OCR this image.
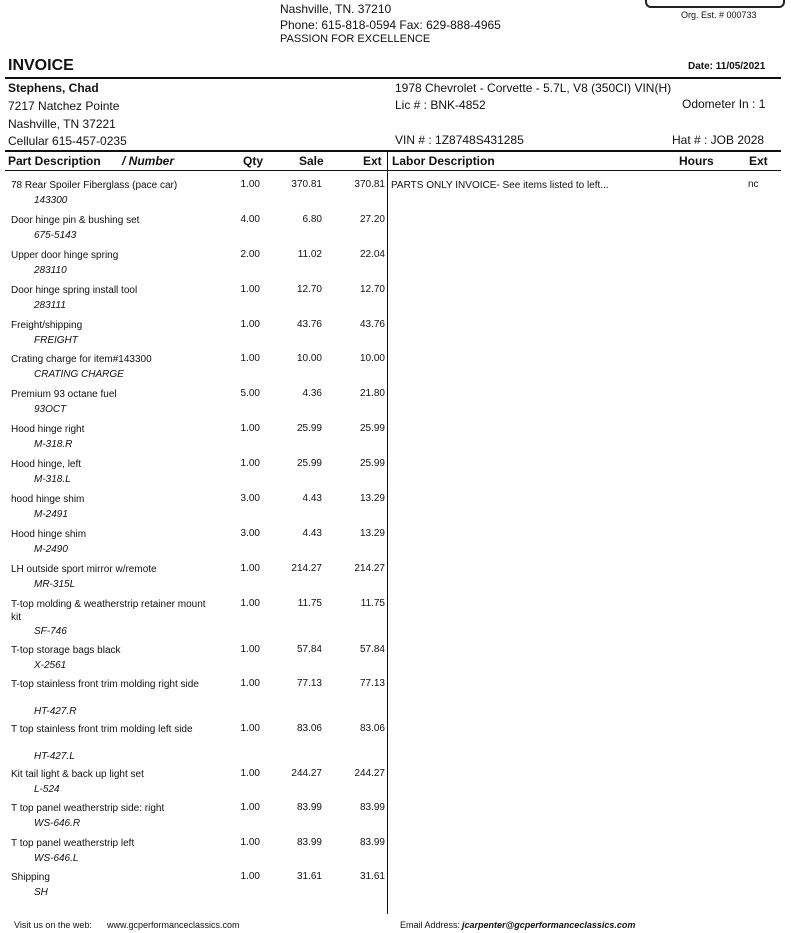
Nashville, TN. 37210
Phone: 615-818-0594 Fax: 629-888-4965
PASSION FOR EXCELLENCE
Org. Est. # 000733
INVOICE	Date: 11/05/2021
Stephens, Chad
7217 Natchez Pointe
Nashville, TN 37221
Cellular 615-457-0235
1978 Chevrolet - Corvette - 5.7L, V8 (350CI) VIN(H)
Lic # : BNK-4852	Odometer In : 1
VIN # : 1Z8748S431285	Hat # : JOB 2028
Part Description / Number	Qty	Sale	Ext Labor Description	Hours	Ext
78 Rear Spoiler Fiberglass (pace car)
143300
1.00	370.81	370.81
Door hinge pin & bushing set
675-5143
4.00	6.80	27.20
Upper door hinge spring
283110
2.00	11.02	22.04
Door hinge spring install tool
283111
1.00	12.70	12.70
Freight/shipping
FREIGHT
1.00	43.76	43.76
Crating charge for item#143300
CRATING CHARGE
1.00	10.00	10.00
Premium 93 octane fuel
93OCT
5.00	4.36	21.80
Hood hinge right
M-318.R
1.00	25.99	25.99
Hood hinge, left
M-318.L
1.00	25.99	25.99
hood hinge shim
M-2491
3.00	4.43	13.29
Hood hinge shim
M-2490
3.00	4.43	13.29
LH outside sport mirror w/remote
MR-315L
1.00	214.27	214.27
T-top molding & weatherstrip retainer mount kit
SF-746
1.00	11.75	11.75
T-top storage bags black
X-2561
1.00	57.84	57.84
T-top stainless front trim molding right side
HT-427.R
1.00	77.13	77.13
T top stainless front trim molding left side
HT-427.L
1.00	83.06	83.06
Kit tail light & back up light set
L-524
1.00	244.27	244.27
T top panel weatherstrip side: right
WS-646.R
1.00	83.99	83.99
T top panel weatherstrip left
WS-646.L
1.00	83.99	83.99
Shipping
SH
1.00	31.61	31.61
PARTS ONLY INVOICE- See items listed to left...	nc
Visit us on the web: www.gcperformanceclassics.com	Email Address: jcarpenter@gcperformanceclassics.com
